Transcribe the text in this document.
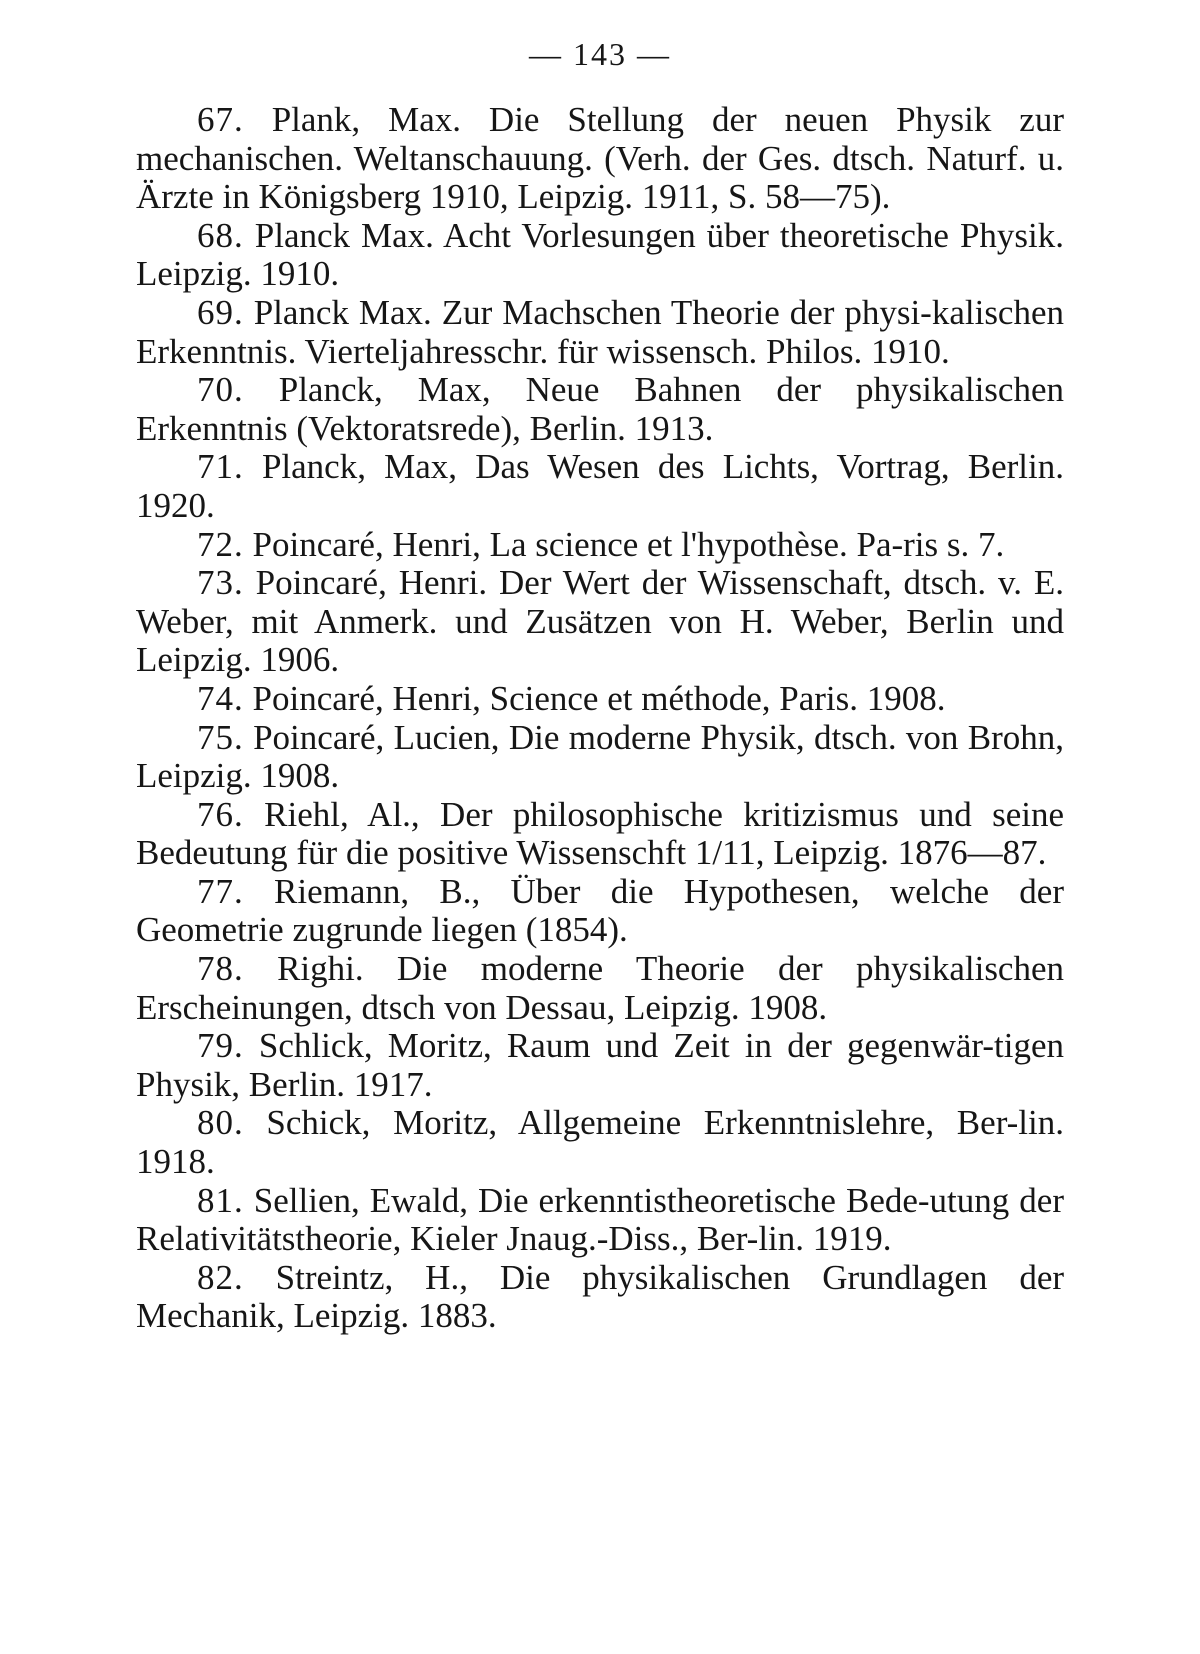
— 143 —

67. Plank, Max. Die Stellung der neuen Physik zur mechanischen. Weltanschauung. (Verh. der Ges. dtsch. Naturf. u. Ärzte in Königsberg 1910, Leipzig. 1911, S. 58—75).

68. Planck Max. Acht Vorlesungen über theoretische Physik. Leipzig. 1910.

69. Planck Max. Zur Machschen Theorie der physi-kalischen Erkenntnis. Vierteljahresschr. für wissensch. Philos. 1910.

70. Planck, Max, Neue Bahnen der physikalischen Erkenntnis (Vektoratsrede), Berlin. 1913.

71. Planck, Max, Das Wesen des Lichts, Vortrag, Berlin. 1920.

72. Poincaré, Henri, La science et l'hypothèse. Pa-ris s. 7.

73. Poincaré, Henri. Der Wert der Wissenschaft, dtsch. v. E. Weber, mit Anmerk. und Zusätzen von H. Weber, Berlin und Leipzig. 1906.

74. Poincaré, Henri, Science et méthode, Paris. 1908.

75. Poincaré, Lucien, Die moderne Physik, dtsch. von Brohn, Leipzig. 1908.

76. Riehl, Al., Der philosophische kritizismus und seine Bedeutung für die positive Wissenschft 1/11, Leipzig. 1876—87.

77. Riemann, B., Über die Hypothesen, welche der Geometrie zugrunde liegen (1854).

78. Righi. Die moderne Theorie der physikalischen Erscheinungen, dtsch von Dessau, Leipzig. 1908.

79. Schlick, Moritz, Raum und Zeit in der gegenwär-tigen Physik, Berlin. 1917.

80. Schick, Moritz, Allgemeine Erkenntnislehre, Ber-lin. 1918.

81. Sellien, Ewald, Die erkenntistheoretische Bede-utung der Relativitätstheorie, Kieler Jnaug.-Diss., Ber-lin. 1919.

82. Streintz, H., Die physikalischen Grundlagen der Mechanik, Leipzig. 1883.
